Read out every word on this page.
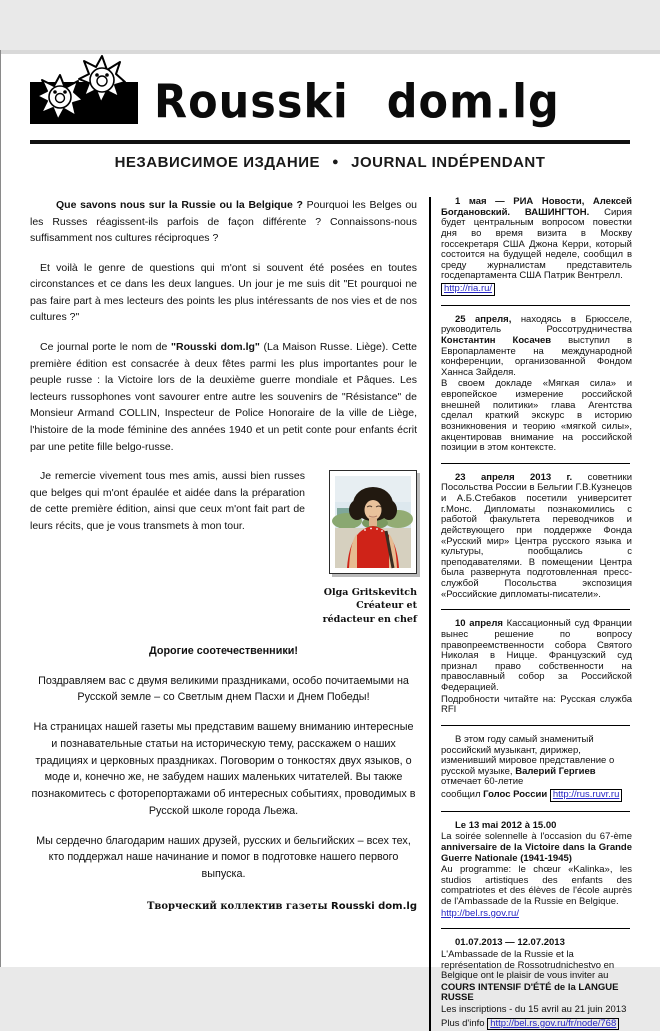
Rousski dom.lg
НЕЗАВИСИМОЕ ИЗДАНИЕ ● JOURNAL INDÉPENDANT

Que savons nous sur la Russie ou la Belgique ? Pourquoi les Belges ou les Russes réagissent-ils parfois de façon différente ? Connaissons-nous suffisamment nos cultures réciproques ?

Et voilà le genre de questions qui m'ont si souvent été posées en toutes circonstances et ce dans les deux langues. Un jour je me suis dit "Et pourquoi ne pas faire part à mes lecteurs des points les plus intéressants de nos vies et de nos cultures ?"

Ce journal porte le nom de "Rousski dom.lg" (La Maison Russe. Liège). Cette première édition est consacrée à deux fêtes parmi les plus importantes pour le peuple russe : la Victoire lors de la deuxième guerre mondiale et Pâques. Les lecteurs russophones vont savourer entre autre les souvenirs de "Résistance" de Monsieur Armand COLLIN, Inspecteur de Police Honoraire de la ville de Liège, l'histoire de la mode féminine des années 1940 et un petit conte pour enfants écrit par une petite fille belgo-russe.

Olga Gritskevitch
Créateur et rédacteur en chef

Je remercie vivement tous mes amis, aussi bien russes que belges qui m'ont épaulée et aidée dans la préparation de cette première édition, ainsi que ceux m'ont fait part de leurs récits, que je vous transmets à mon tour.

Дорогие соотечественники!

Поздравляем вас с двумя великими праздниками, особо почитаемыми на Русской земле – со Светлым днем Пасхи и Днем Победы!

На страницах нашей газеты мы представим вашему вниманию интересные и познавательные статьи на историческую тему, расскажем о наших традициях и церковных праздниках. Поговорим о тонкостях двух языков, о моде и, конечно же, не забудем наших маленьких читателей. Вы также познакомитесь с фоторепортажами об интересных событиях, проводимых в Русской школе города Льежа.

Мы сердечно благодарим наших друзей, русских и бельгийских – всех тех, кто поддержал наше начинание и помог в подготовке нашего первого выпуска.

Творческий коллектив газеты Rousski dom.lg

1 мая — РИА Новости, Алексей Богдановский. ВАШИНГТОН. Сирия будет центральным вопросом повестки дня во время визита в Москву госсекретаря США Джона Керри, который состоится на будущей неделе, сообщил в среду журналистам представитель госдепартамента США Патрик Вентрелл.

http://ria.ru/

25 апреля, находясь в Брюсселе, руководитель Россотрудничества Константин Косачев выступил в Европарламенте на международной конференции, организованной Фондом Ханнса Зайделя.

В своем докладе «Мягкая сила» и европейское измерение российской внешней политики» глава Агентства сделал краткий экскурс в историю возникновения и теорию «мягкой силы», акцентировав внимание на российской позиции в этом контексте.

23 апреля 2013 г. советники Посольства России в Бельгии Г.В.Кузнецов и А.Б.Стебаков посетили университет г.Монс. Дипломаты познакомились с работой факультета переводчиков и действующего при поддержке Фонда «Русский мир» Центра русского языка и культуры, пообщались с преподавателями. В помещении Центра была развернута подготовленная пресс-службой Посольства экспозиция «Российские дипломаты-писатели».

10 апреля Кассационный суд Франции вынес решение по вопросу правопреемственности собора Святого Николая в Ницце. Французский суд признал право собственности на православный собор за Российской Федерацией.

Подробности читайте на: Русская служба RFI

В этом году самый знаменитый российский музыкант, дирижер, изменивший мировое представление о русской музыке, Валерий Гергиев отмечает 60-летие

сообщил Голос России http://rus.ruvr.ru

Le 13 mai 2012 à 15.00

La soirée solennelle à l'occasion du 67-ème anniversaire de la Victoire dans la Grande Guerre Nationale (1941-1945)

Au programme: le chœur «Kalinka», les studios artistiques des enfants des compatriotes et des élèves de l'école auprès de l'Ambassade de la Russie en Belgique.

http://bel.rs.gov.ru/

01.07.2013 — 12.07.2013

L'Ambassade de la Russie et la représentation de Rossotrudnichestvo en Belgique ont le plaisir de vous inviter au

COURS INTENSIF D'ÉTÉ de la LANGUE RUSSE

Les inscriptions - du 15 avril au 21 juin 2013

Plus d'info http://bel.rs.gov.ru/fr/node/768
